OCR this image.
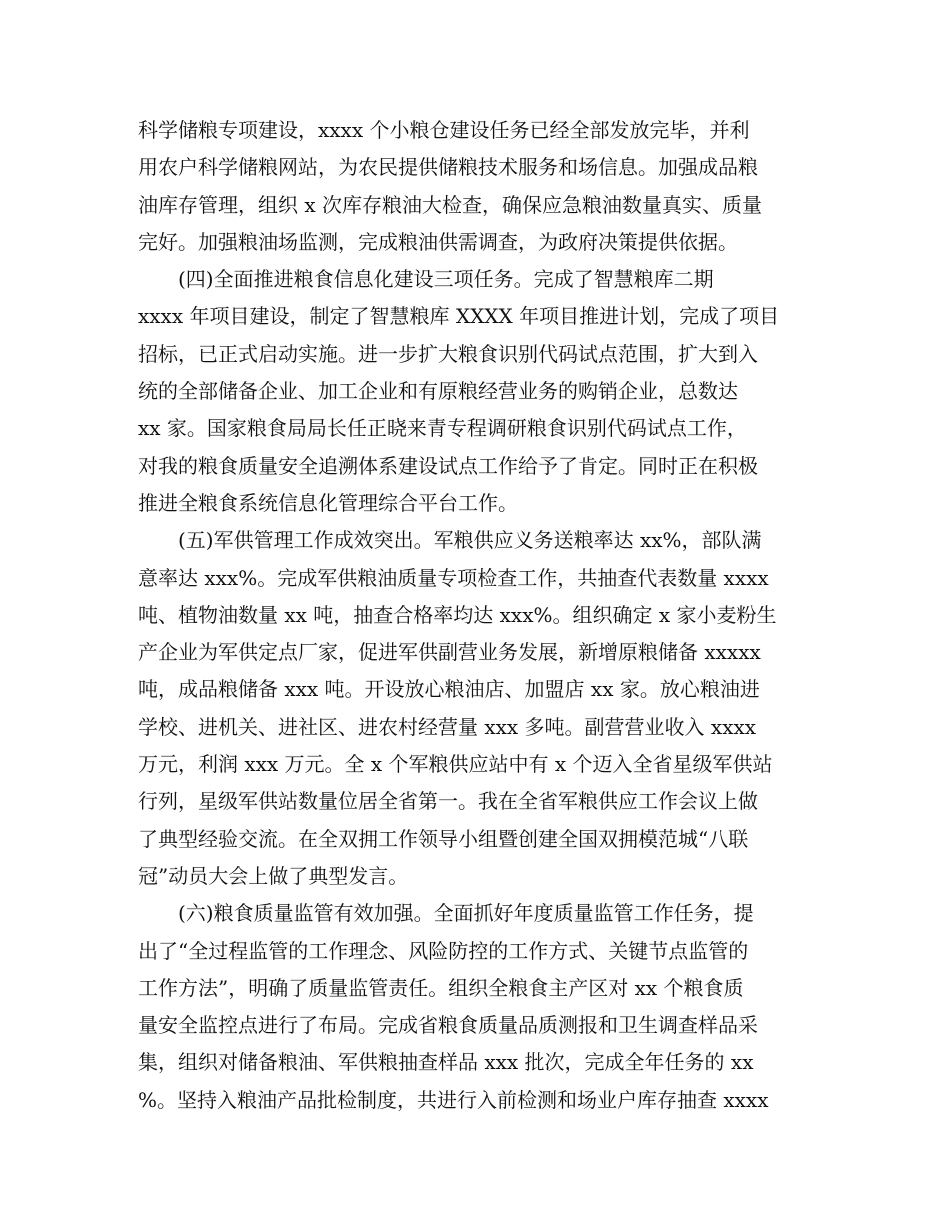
科学储粮专项建设，xxxx 个小粮仓建设任务已经全部发放完毕，并利
用农户科学储粮网站，为农民提供储粮技术服务和场信息。加强成品粮
油库存管理，组织 x 次库存粮油大检查，确保应急粮油数量真实、质量
完好。加强粮油场监测，完成粮油供需调查，为政府决策提供依据。
(四)全面推进粮食信息化建设三项任务。完成了智慧粮库二期
xxxx 年项目建设，制定了智慧粮库 XXXX 年项目推进计划，完成了项目
招标，已正式启动实施。进一步扩大粮食识别代码试点范围，扩大到入
统的全部储备企业、加工企业和有原粮经营业务的购销企业，总数达
xx 家。国家粮食局局长任正晓来青专程调研粮食识别代码试点工作，
对我的粮食质量安全追溯体系建设试点工作给予了肯定。同时正在积极
推进全粮食系统信息化管理综合平台工作。
(五)军供管理工作成效突出。军粮供应义务送粮率达 xx%，部队满
意率达 xxx%。完成军供粮油质量专项检查工作，共抽查代表数量 xxxx
吨、植物油数量 xx 吨，抽查合格率均达 xxx%。组织确定 x 家小麦粉生
产企业为军供定点厂家，促进军供副营业务发展，新增原粮储备 xxxxx
吨，成品粮储备 xxx 吨。开设放心粮油店、加盟店 xx 家。放心粮油进
学校、进机关、进社区、进农村经营量 xxx 多吨。副营营业收入 xxxx
万元，利润 xxx 万元。全 x 个军粮供应站中有 x 个迈入全省星级军供站
行列，星级军供站数量位居全省第一。我在全省军粮供应工作会议上做
了典型经验交流。在全双拥工作领导小组暨创建全国双拥模范城“八联
冠”动员大会上做了典型发言。
(六)粮食质量监管有效加强。全面抓好年度质量监管工作任务，提
出了“全过程监管的工作理念、风险防控的工作方式、关键节点监管的
工作方法”，明确了质量监管责任。组织全粮食主产区对 xx 个粮食质
量安全监控点进行了布局。完成省粮食质量品质测报和卫生调查样品采
集，组织对储备粮油、军供粮抽查样品 xxx 批次，完成全年任务的 xx
%。坚持入粮油产品批检制度，共进行入前检测和场业户库存抽查 xxxx
